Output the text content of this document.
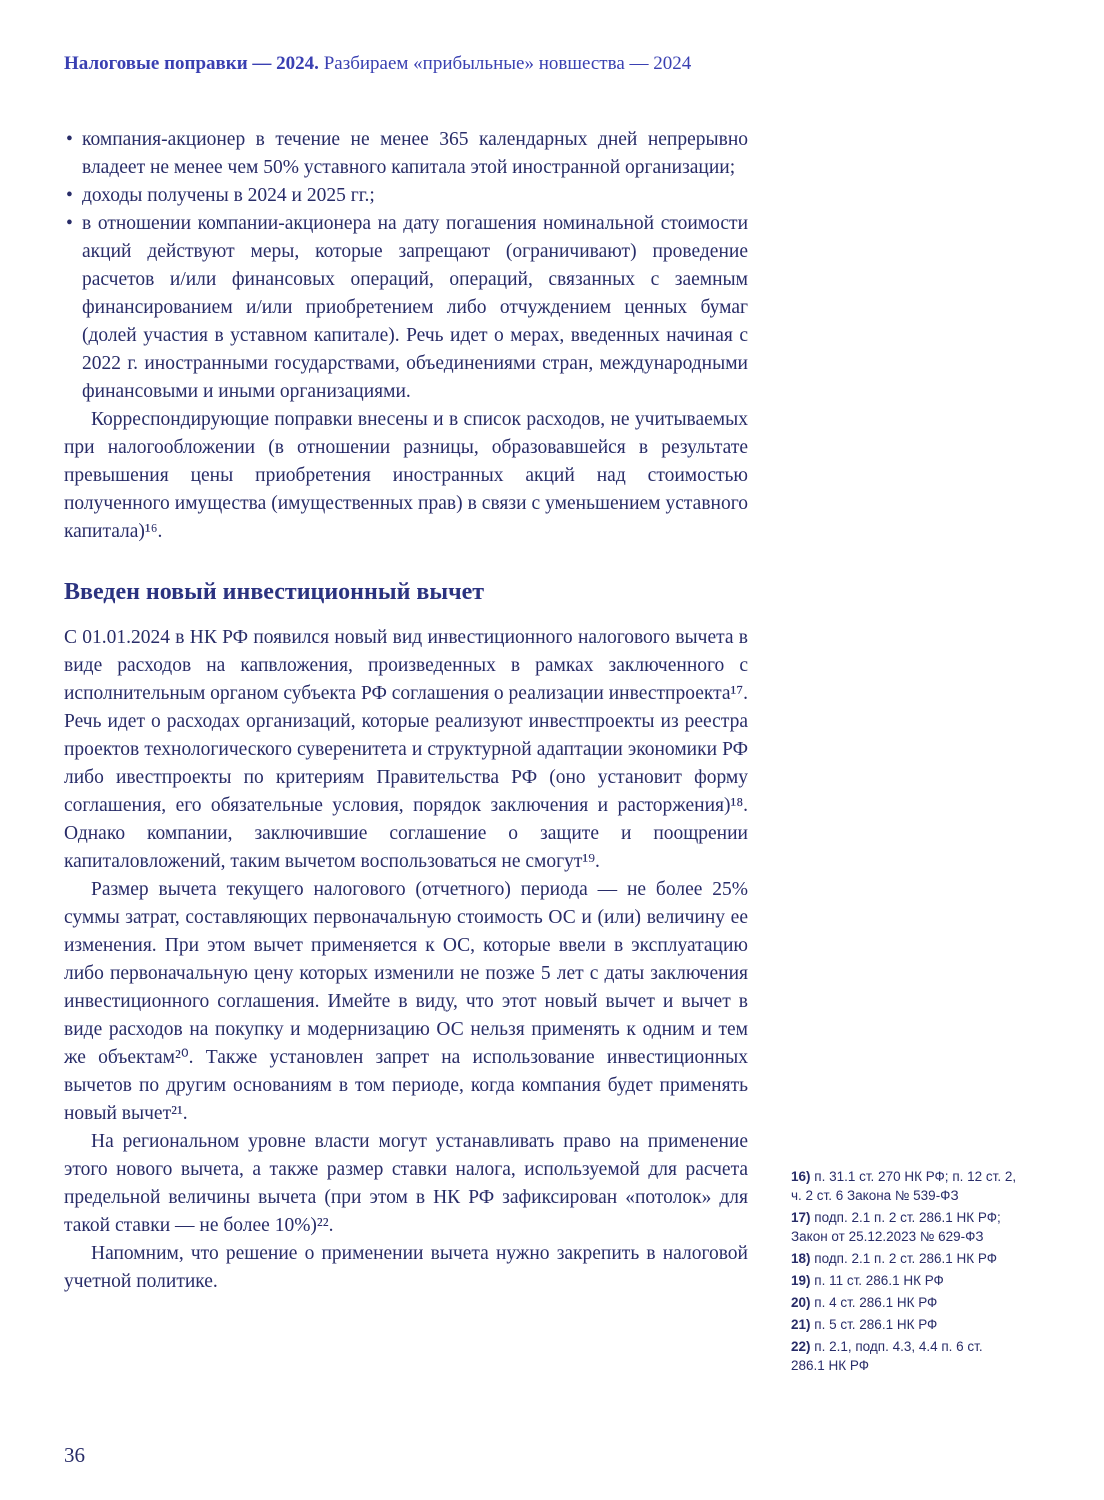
Налоговые поправки — 2024. Разбираем «прибыльные» новшества — 2024
• компания-акционер в течение не менее 365 календарных дней непрерывно владеет не менее чем 50% уставного капитала этой иностранной организации;
• доходы получены в 2024 и 2025 гг.;
• в отношении компании-акционера на дату погашения номинальной стоимости акций действуют меры, которые запрещают (ограничивают) проведение расчетов и/или финансовых операций, операций, связанных с заемным финансированием и/или приобретением либо отчуждением ценных бумаг (долей участия в уставном капитале). Речь идет о мерах, введенных начиная с 2022 г. иностранными государствами, объединениями стран, международными финансовыми и иными организациями.

Корреспондирующие поправки внесены и в список расходов, не учитываемых при налогообложении (в отношении разницы, образовавшейся в результате превышения цены приобретения иностранных акций над стоимостью полученного имущества (имущественных прав) в связи с уменьшением уставного капитала)¹⁶.

Введен новый инвестиционный вычет

С 01.01.2024 в НК РФ появился новый вид инвестиционного налогового вычета в виде расходов на капвложения, произведенных в рамках заключенного с исполнительным органом субъекта РФ соглашения о реализации инвестпроекта¹⁷. Речь идет о расходах организаций, которые реализуют инвестпроекты из реестра проектов технологического суверенитета и структурной адаптации экономики РФ либо ивестпроекты по критериям Правительства РФ (оно установит форму соглашения, его обязательные условия, порядок заключения и расторжения)¹⁸. Однако компании, заключившие соглашение о защите и поощрении капиталовложений, таким вычетом воспользоваться не смогут¹⁹.

Размер вычета текущего налогового (отчетного) периода — не более 25% суммы затрат, составляющих первоначальную стоимость ОС и (или) величину ее изменения. При этом вычет применяется к ОС, которые ввели в эксплуатацию либо первоначальную цену которых изменили не позже 5 лет с даты заключения инвестиционного соглашения. Имейте в виду, что этот новый вычет и вычет в виде расходов на покупку и модернизацию ОС нельзя применять к одним и тем же объектам²⁰. Также установлен запрет на использование инвестиционных вычетов по другим основаниям в том периоде, когда компания будет применять новый вычет²¹.

На региональном уровне власти могут устанавливать право на применение этого нового вычета, а также размер ставки налога, используемой для расчета предельной величины вычета (при этом в НК РФ зафиксирован «потолок» для такой ставки — не более 10%)²².

Напомним, что решение о применении вычета нужно закрепить в налоговой учетной политике.

16) п. 31.1 ст. 270 НК РФ; п. 12 ст. 2, ч. 2 ст. 6 Закона № 539-ФЗ
17) подп. 2.1 п. 2 ст. 286.1 НК РФ; Закон от 25.12.2023 № 629-ФЗ
18) подп. 2.1 п. 2 ст. 286.1 НК РФ
19) п. 11 ст. 286.1 НК РФ
20) п. 4 ст. 286.1 НК РФ
21) п. 5 ст. 286.1 НК РФ
22) п. 2.1, подп. 4.3, 4.4 п. 6 ст. 286.1 НК РФ
36
